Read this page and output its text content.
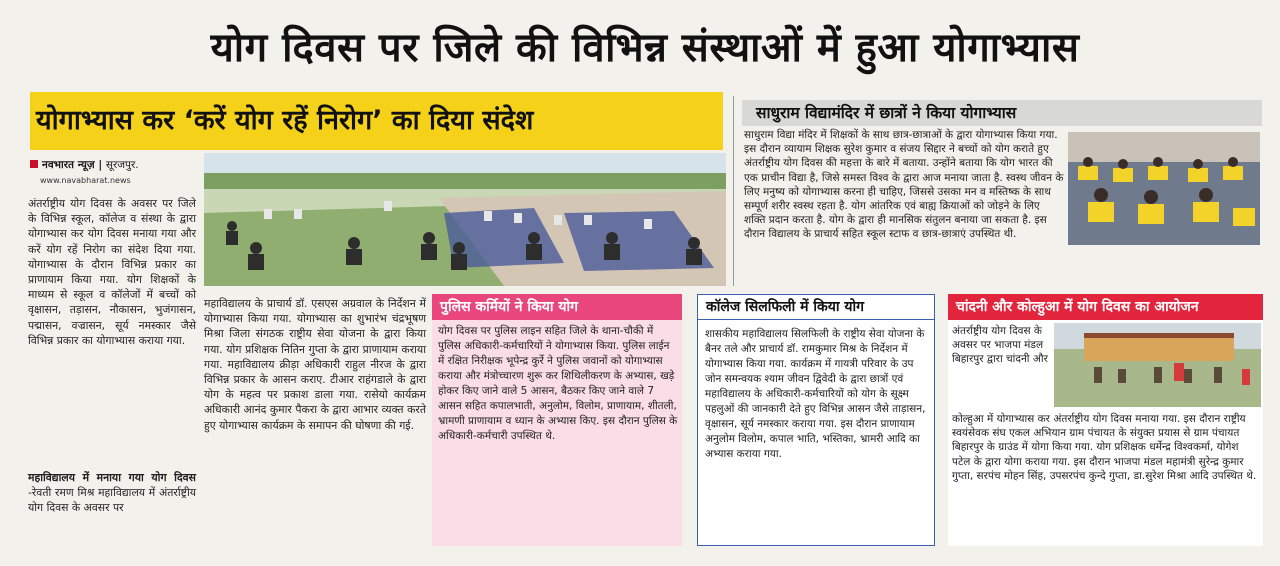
योग दिवस पर जिले की विभिन्न संस्थाओं में हुआ योगाभ्यास
योगाभ्यास कर ‘करें योग रहें निरोग’ का दिया संदेश
नवभारत न्यूज़ | सूरजपुर.
www.navabharat.news
अंतर्राष्ट्रीय योग दिवस के अवसर पर जिले के विभिन्न स्कूल, कॉलेज व संस्था के द्वारा योगाभ्यास कर योग दिवस मनाया गया और करें योग रहें निरोग का संदेश दिया गया. योगाभ्यास के दौरान विभिन्न प्रकार का प्राणायाम किया गया. योग शिक्षकों के माध्यम से स्कूल व कॉलेजों में बच्चों को वृक्षासन, तड़ासन, नौकासन, भुजंगासन, पद्मासन, वज्रासन, सूर्य नमस्कार जैसे विभिन्न प्रकार का योगाभ्यास कराया गया.
महाविद्यालय में मनाया गया योग दिवस -रेवती रमण मिश्र महाविद्यालय में अंतर्राष्ट्रीय योग दिवस के अवसर पर
महाविद्यालय के प्राचार्य डॉ. एसएस अग्रवाल के निर्देशन में योगाभ्यास किया गया. योगाभ्यास का शुभारंभ चंद्रभूषण मिश्रा जिला संगठक राष्ट्रीय सेवा योजना के द्वारा किया गया. योग प्रशिक्षक नितिन गुप्ता के द्वारा प्राणायाम कराया गया. महाविद्यालय क्रीड़ा अधिकारी राहुल नीरज के द्वारा विभिन्न प्रकार के आसन कराए. टीआर राहंगडाले के द्वारा योग के महत्व पर प्रकाश डाला गया. रासेयो कार्यक्रम अधिकारी आनंद कुमार पैकरा के द्वारा आभार व्यक्त करते हुए योगाभ्यास कार्यक्रम के समापन की घोषणा की गई.
साधुराम विद्यामंदिर में छात्रों ने किया योगाभ्यास
साधुराम विद्या मंदिर में शिक्षकों के साथ छात्र-छात्राओं के द्वारा योगाभ्यास किया गया. इस दौरान व्यायाम शिक्षक सुरेश कुमार व संजय सिद्दार ने बच्चों को योग कराते हुए अंतर्राष्ट्रीय योग दिवस की महत्ता के बारे में बताया. उन्होंने बताया कि योग भारत की एक प्राचीन विद्या है, जिसे समस्त विश्व के द्वारा आज मनाया जाता है. स्वस्थ जीवन के लिए मनुष्य को योगाभ्यास करना ही चाहिए, जिससे उसका मन व मस्तिष्क के साथ सम्पूर्ण शरीर स्वस्थ रहता है. योग आंतरिक एवं बाह्य क्रियाओं को जोड़ने के लिए शक्ति प्रदान करता है. योग के द्वारा ही मानसिक संतुलन बनाया जा सकता है. इस दौरान विद्यालय के प्राचार्य सहित स्कूल स्टाफ व छात्र-छात्राएं उपस्थित थी.
पुलिस कर्मियों ने किया योग
योग दिवस पर पुलिस लाइन सहित जिले के थाना-चौकी में पुलिस अधिकारी-कर्मचारियों ने योगाभ्यास किया. पुलिस लाईन में रक्षित निरीक्षक भूपेन्द्र कुर्रे ने पुलिस जवानों को योगाभ्यास कराया और मंत्रोच्चारण शुरू कर शिथिलीकरण के अभ्यास, खड़े होकर किए जाने वाले 5 आसन, बैठकर किए जाने वाले 7 आसन सहित कपालभाती, अनुलोम, विलोम, प्राणायाम, शीतली, भ्रामणी प्राणायाम व ध्यान के अभ्यास किए. इस दौरान पुलिस के अधिकारी-कर्मचारी उपस्थित थे.
कॉलेज सिलफिली में किया योग
शासकीय महाविद्यालय सिलफिली के राष्ट्रीय सेवा योजना के बैनर तले और प्राचार्य डॉ. रामकुमार मिश्र के निर्देशन में योगाभ्यास किया गया. कार्यक्रम में गायत्री परिवार के उप जोन समन्वयक श्याम जीवन द्विवेदी के द्वारा छात्रों एवं महाविद्यालय के अधिकारी-कर्मचारियों को योग के सूक्ष्म पहलुओं की जानकारी देते हुए विभिन्न आसन जैसे ताड़ासन, वृक्षासन, सूर्य नमस्कार कराया गया. इस दौरान प्राणायाम अनुलोम विलोम, कपाल भाति, भस्तिका, भ्रामरी आदि का अभ्यास कराया गया.
चांदनी और कोल्हुआ में योग दिवस का आयोजन
अंतर्राष्ट्रीय योग दिवस के अवसर पर भाजपा मंडल बिहारपुर द्वारा चांदनी और
कोल्हुआ में योगाभ्यास कर अंतर्राष्ट्रीय योग दिवस मनाया गया. इस दौरान राष्ट्रीय स्वयंसेवक संघ एकल अभियान ग्राम पंचायत के संयुक्त प्रयास से ग्राम पंचायत बिहारपुर के ग्राउंड में योगा किया गया. योग प्रशिक्षक धर्मेन्द्र विश्वकर्मा, योगेश पटेल के द्वारा योगा कराया गया. इस दौरान भाजपा मंडल महामंत्री सुरेन्द्र कुमार गुप्ता, सरपंच मोहन सिंह, उपसरपंच कुन्दे गुप्ता, डा.सुरेश मिश्रा आदि उपस्थित थे.
